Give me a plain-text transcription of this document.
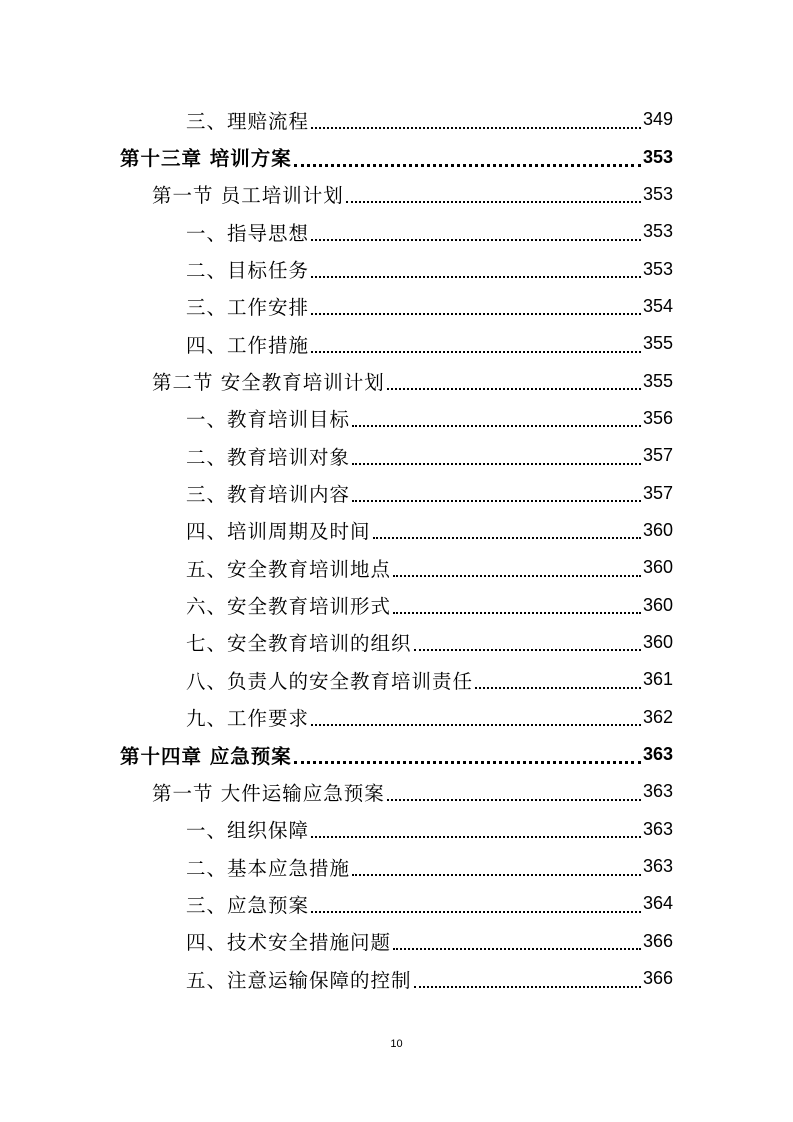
三、理赔流程	349
第十三章 培训方案	353
第一节 员工培训计划	353
一、指导思想	353
二、目标任务	353
三、工作安排	354
四、工作措施	355
第二节 安全教育培训计划	355
一、教育培训目标	356
二、教育培训对象	357
三、教育培训内容	357
四、培训周期及时间	360
五、安全教育培训地点	360
六、安全教育培训形式	360
七、安全教育培训的组织	360
八、负责人的安全教育培训责任	361
九、工作要求	362
第十四章 应急预案	363
第一节 大件运输应急预案	363
一、组织保障	363
二、基本应急措施	363
三、应急预案	364
四、技术安全措施问题	366
五、注意运输保障的控制	366
10
